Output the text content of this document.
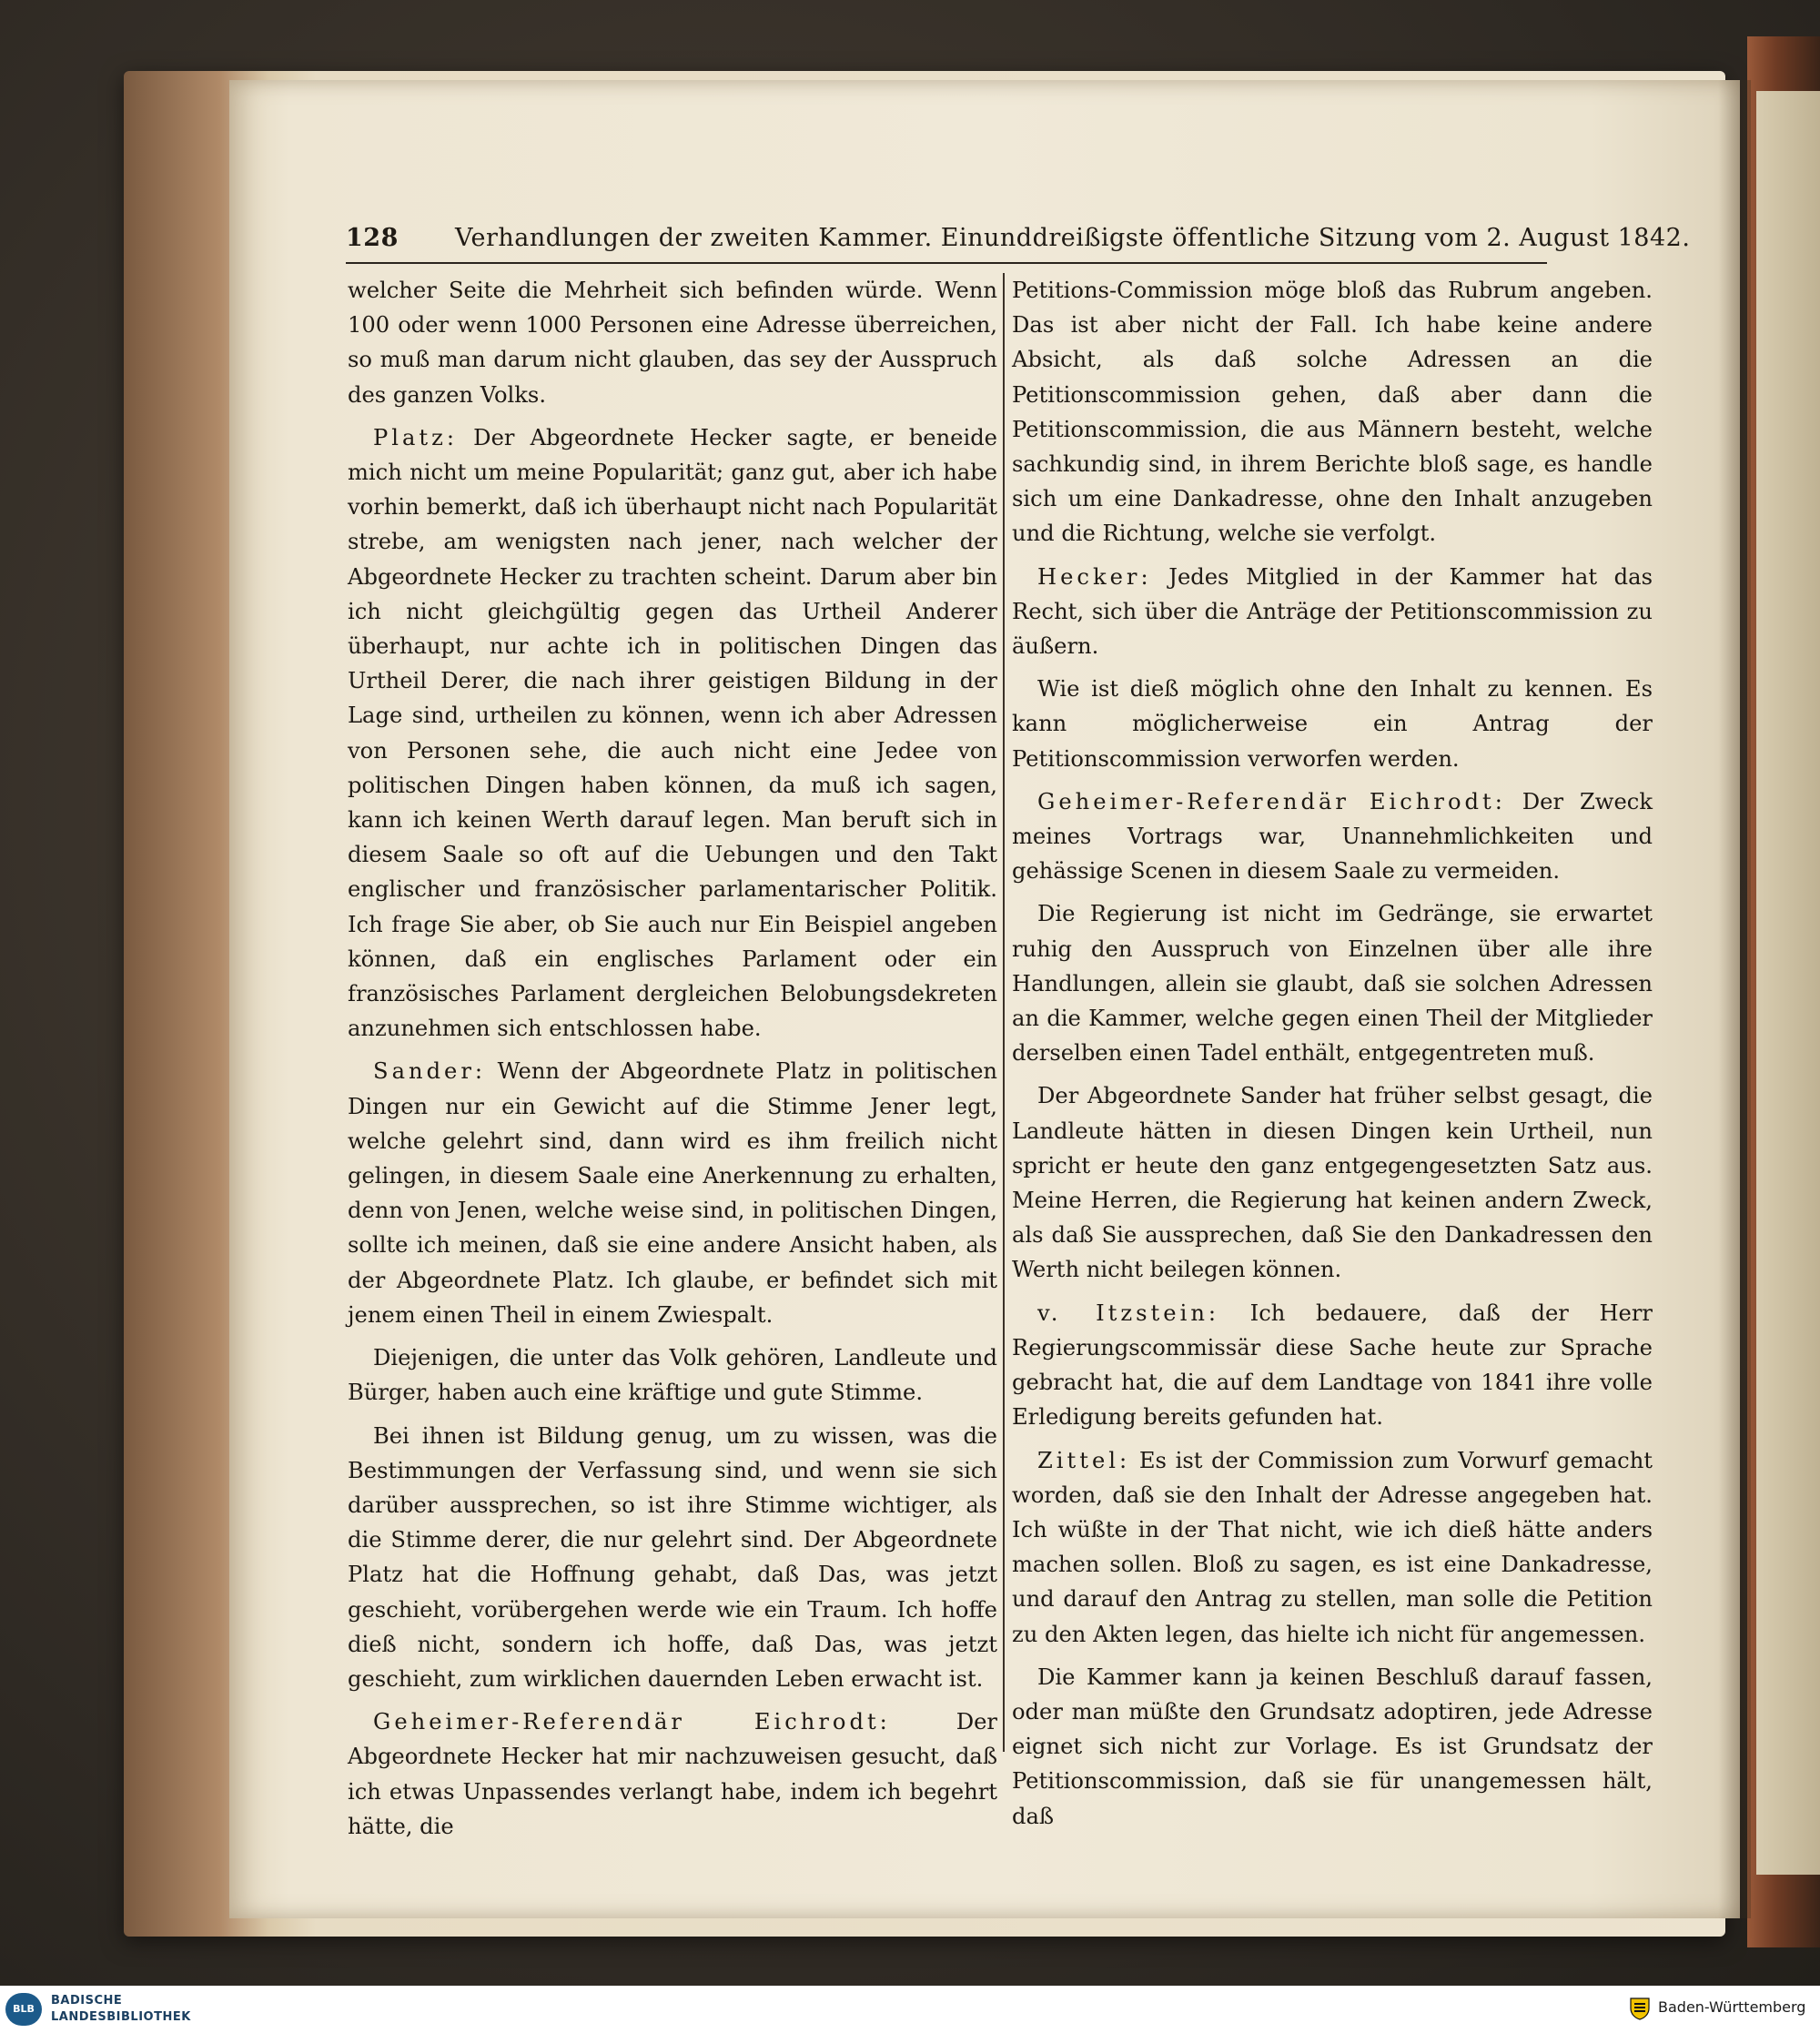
128 Verhandlungen der zweiten Kammer. Einunddreißigste öffentliche Sitzung vom 2. August 1842.

welcher Seite die Mehrheit sich befinden würde. Wenn 100 oder wenn 1000 Personen eine Adresse überreichen, so muß man darum nicht glauben, das sey der Ausspruch des ganzen Volks.

Platz: Der Abgeordnete Hecker sagte, er beneide mich nicht um meine Popularität; ganz gut, aber ich habe vorhin bemerkt, daß ich überhaupt nicht nach Popularität strebe, am wenigsten nach jener, nach welcher der Abgeordnete Hecker zu trachten scheint. Darum aber bin ich nicht gleichgültig gegen das Urtheil Anderer überhaupt, nur achte ich in politischen Dingen das Urtheil Derer, die nach ihrer geistigen Bildung in der Lage sind, urtheilen zu können, wenn ich aber Adressen von Personen sehe, die auch nicht eine Jedee von politischen Dingen haben können, da muß ich sagen, kann ich keinen Werth darauf legen. Man beruft sich in diesem Saale so oft auf die Uebungen und den Takt englischer und französischer parlamentarischer Politik. Ich frage Sie aber, ob Sie auch nur Ein Beispiel angeben können, daß ein englisches Parlament oder ein französisches Parlament dergleichen Belobungsdekreten anzunehmen sich entschlossen habe.

Sander: Wenn der Abgeordnete Platz in politischen Dingen nur ein Gewicht auf die Stimme Jener legt, welche gelehrt sind, dann wird es ihm freilich nicht gelingen, in diesem Saale eine Anerkennung zu erhalten, denn von Jenen, welche weise sind, in politischen Dingen, sollte ich meinen, daß sie eine andere Ansicht haben, als der Abgeordnete Platz. Ich glaube, er befindet sich mit jenem einen Theil in einem Zwiespalt.

Diejenigen, die unter das Volk gehören, Landleute und Bürger, haben auch eine kräftige und gute Stimme.

Bei ihnen ist Bildung genug, um zu wissen, was die Bestimmungen der Verfassung sind, und wenn sie sich darüber aussprechen, so ist ihre Stimme wichtiger, als die Stimme derer, die nur gelehrt sind. Der Abgeordnete Platz hat die Hoffnung gehabt, daß Das, was jetzt geschieht, vorübergehen werde wie ein Traum. Ich hoffe dieß nicht, sondern ich hoffe, daß Das, was jetzt geschieht, zum wirklichen dauernden Leben erwacht ist.

Geheimer-Referendär Eichrodt: Der Abgeordnete Hecker hat mir nachzuweisen gesucht, daß ich etwas Unpassendes verlangt habe, indem ich begehrt hätte, die

Petitions-Commission möge bloß das Rubrum angeben. Das ist aber nicht der Fall. Ich habe keine andere Absicht, als daß solche Adressen an die Petitionscommission gehen, daß aber dann die Petitionscommission, die aus Männern besteht, welche sachkundig sind, in ihrem Berichte bloß sage, es handle sich um eine Dankadresse, ohne den Inhalt anzugeben und die Richtung, welche sie verfolgt.

Hecker: Jedes Mitglied in der Kammer hat das Recht, sich über die Anträge der Petitionscommission zu äußern.

Wie ist dieß möglich ohne den Inhalt zu kennen. Es kann möglicherweise ein Antrag der Petitionscommission verworfen werden.

Geheimer-Referendär Eichrodt: Der Zweck meines Vortrags war, Unannehmlichkeiten und gehässige Scenen in diesem Saale zu vermeiden.

Die Regierung ist nicht im Gedränge, sie erwartet ruhig den Ausspruch von Einzelnen über alle ihre Handlungen, allein sie glaubt, daß sie solchen Adressen an die Kammer, welche gegen einen Theil der Mitglieder derselben einen Tadel enthält, entgegentreten muß.

Der Abgeordnete Sander hat früher selbst gesagt, die Landleute hätten in diesen Dingen kein Urtheil, nun spricht er heute den ganz entgegengesetzten Satz aus. Meine Herren, die Regierung hat keinen andern Zweck, als daß Sie aussprechen, daß Sie den Dankadressen den Werth nicht beilegen können.

v. Itzstein: Ich bedauere, daß der Herr Regierungscommissär diese Sache heute zur Sprache gebracht hat, die auf dem Landtage von 1841 ihre volle Erledigung bereits gefunden hat.

Zittel: Es ist der Commission zum Vorwurf gemacht worden, daß sie den Inhalt der Adresse angegeben hat. Ich wüßte in der That nicht, wie ich dieß hätte anders machen sollen. Bloß zu sagen, es ist eine Dankadresse, und darauf den Antrag zu stellen, man solle die Petition zu den Akten legen, das hielte ich nicht für angemessen.

Die Kammer kann ja keinen Beschluß darauf fassen, oder man müßte den Grundsatz adoptiren, jede Adresse eignet sich nicht zur Vorlage. Es ist Grundsatz der Petitionscommission, daß sie für unangemessen hält, daß

BLB
BADISCHE
LANDESBIBLIOTHEK
Baden-Württemberg
